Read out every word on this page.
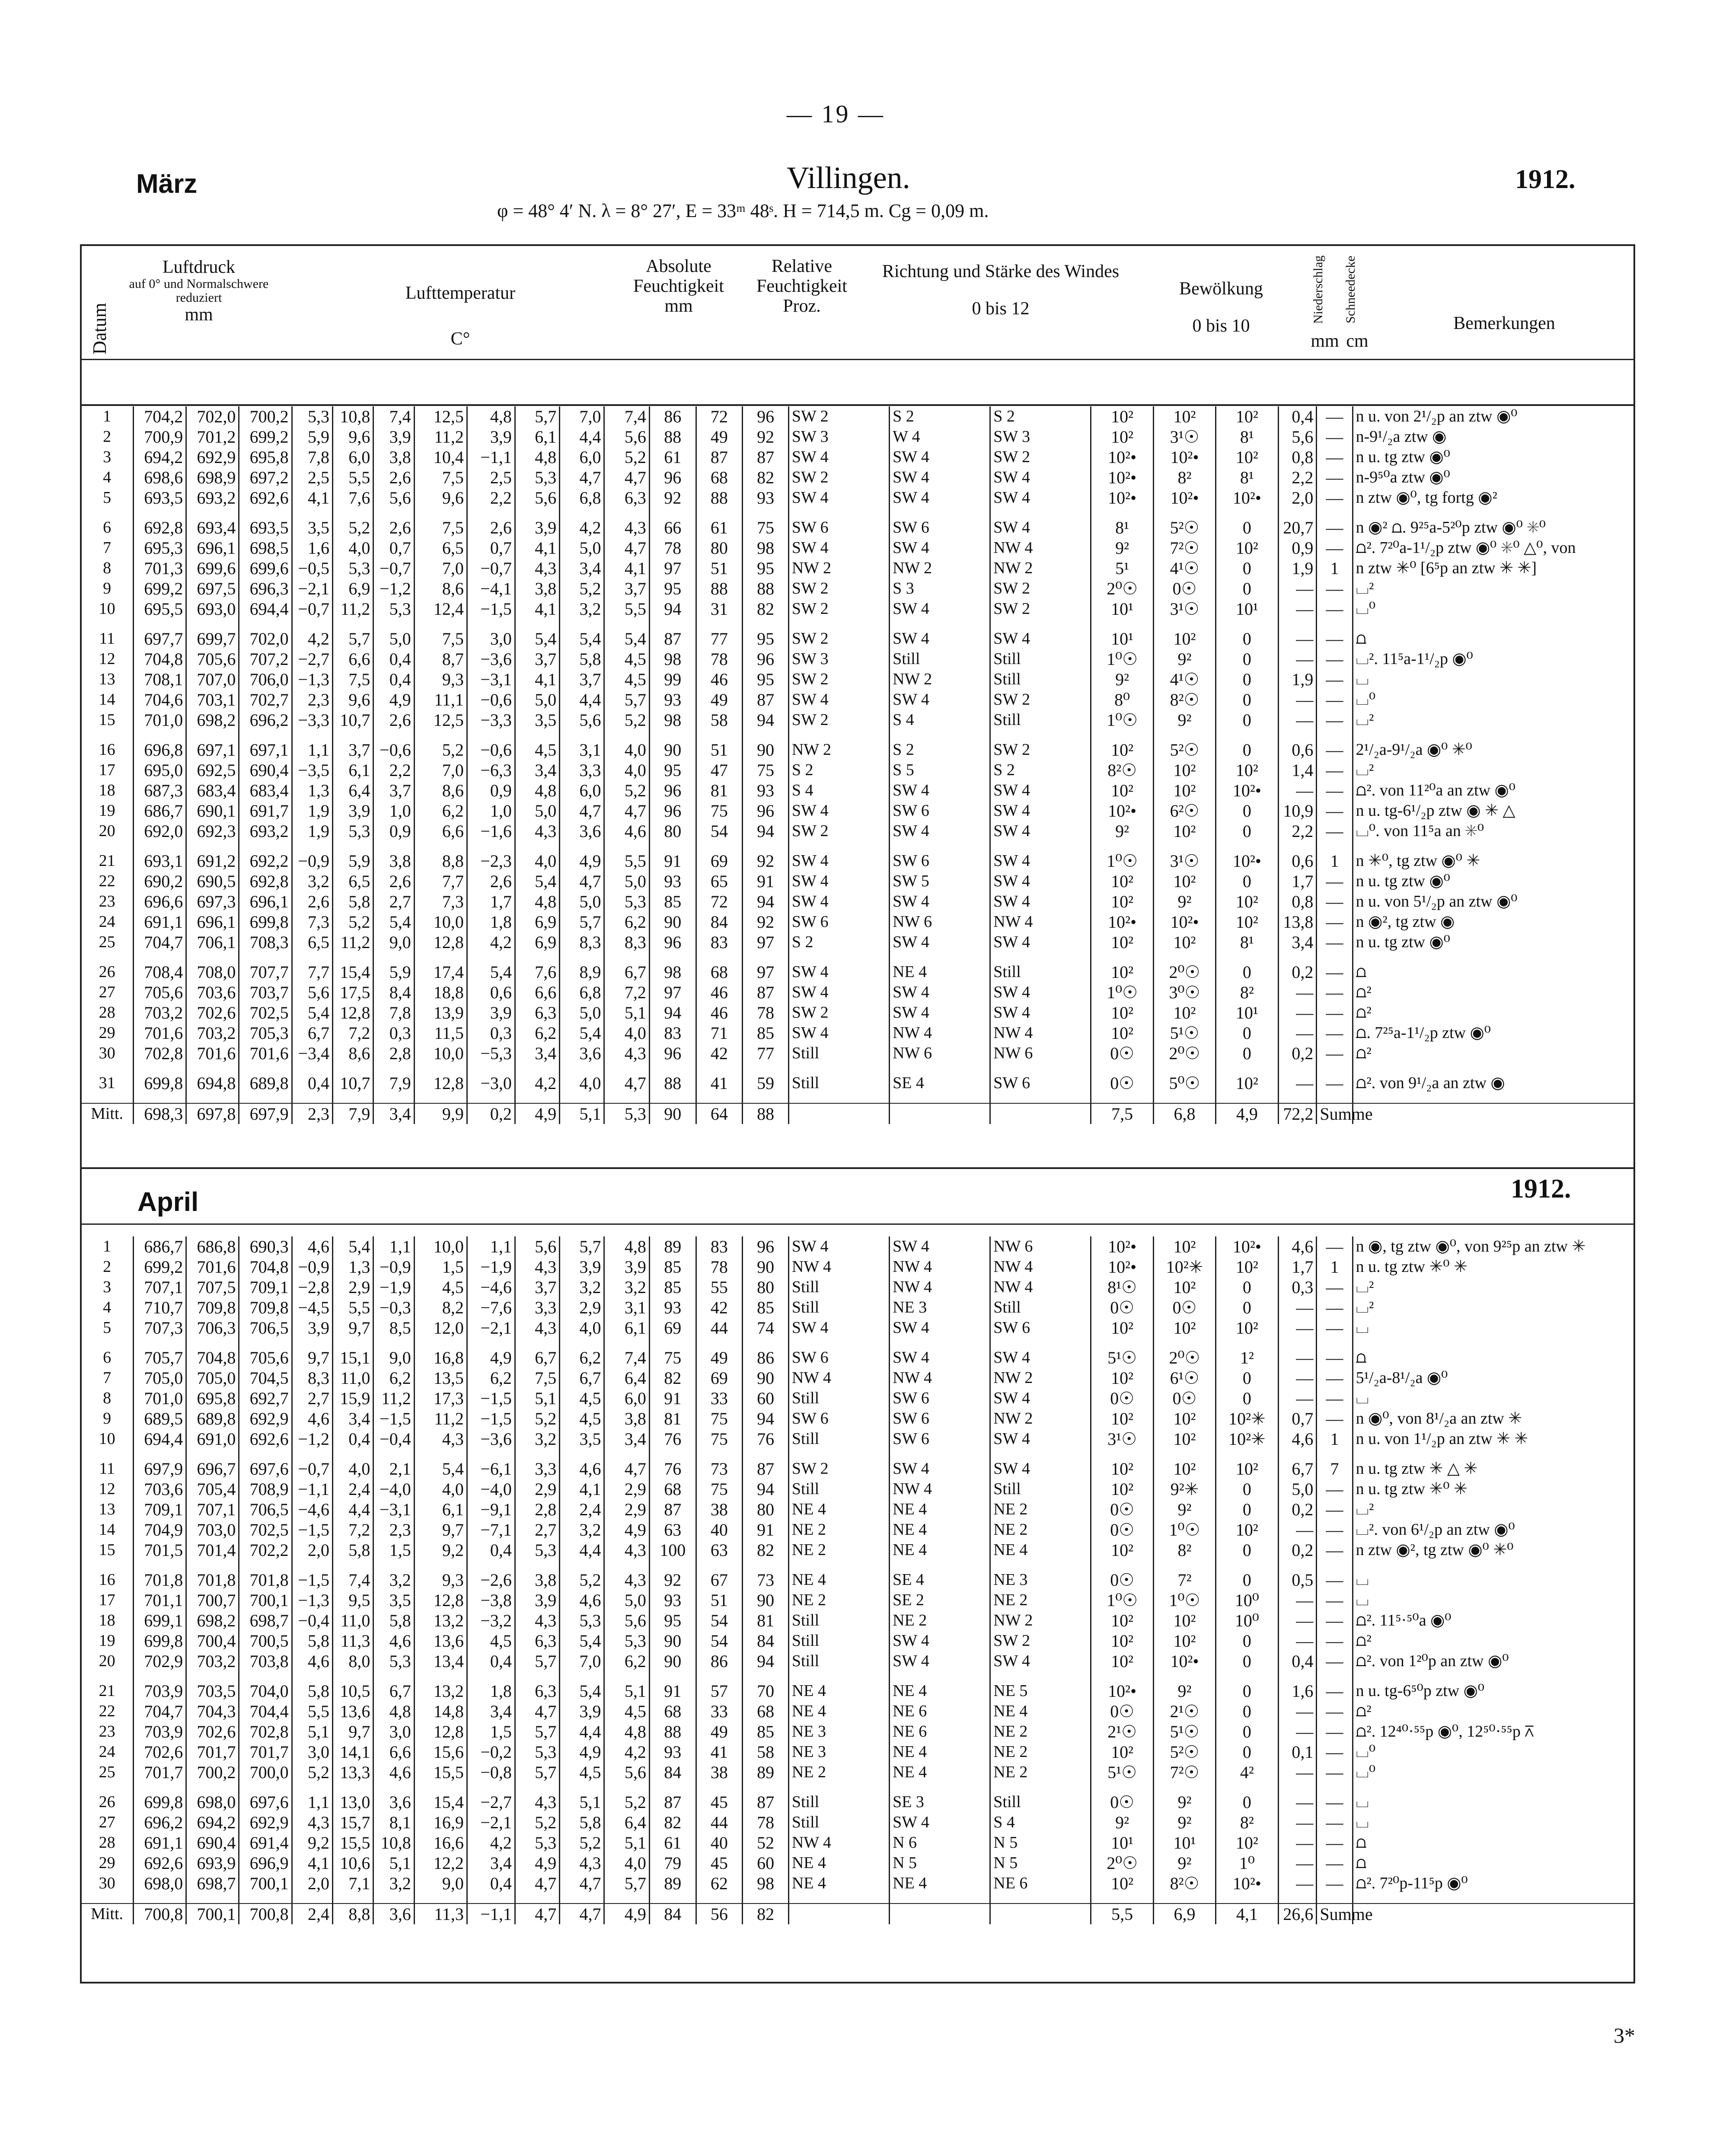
— 19 —
März	Villingen.	1912.
φ = 48° 4′ N. λ = 8° 27′, E = 33ᵐ 48ˢ. H = 714,5 m. Cg = 0,09 m.
Datum
Luftdruck
auf 0° und Normalschwere reduziert
mm
Lufttemperatur
C°
Absolute Feuchtigkeit
mm
Relative Feuchtigkeit
Proz.
Richtung und Stärke des Windes
0 bis 12
Bewölkung
0 bis 10
Niederschlag	Schneedecke
mm cm
Bemerkungen
1	704,2	702,0	700,2	5,3	10,8	7,4	12,5	4,8	5,7	7,0	7,4	86	72	96	SW 2	S 2	S 2	10²	10²	10²	0,4	—	n u. von 2¹/₂p an ztw ◉⁰
2	700,9	701,2	699,2	5,9	9,6	3,9	11,2	3,9	6,1	4,4	5,6	88	49	92	SW 3	W 4	SW 3	10²	3¹☉	8¹	5,6	—	n-9¹/₂a ztw ◉
3	694,2	692,9	695,8	7,8	6,0	3,8	10,4	−1,1	4,8	6,0	5,2	61	87	87	SW 4	SW 4	SW 2	10²•	10²•	10²	0,8	—	n u. tg ztw ◉⁰
4	698,6	698,9	697,2	2,5	5,5	2,6	7,5	2,5	5,3	4,7	4,7	96	68	82	SW 2	SW 4	SW 4	10²•	8²	8¹	2,2	—	n-9⁵⁰a ztw ◉⁰
5	693,5	693,2	692,6	4,1	7,6	5,6	9,6	2,2	5,6	6,8	6,3	92	88	93	SW 4	SW 4	SW 4	10²•	10²•	10²•	2,0	—	n ztw ◉⁰, tg fortg ◉²

6	692,8	693,4	693,5	3,5	5,2	2,6	7,5	2,6	3,9	4,2	4,3	66	61	75	SW 6	SW 6	SW 4	8¹	5²☉	0	20,7	—	n ◉² ⩍. 9²⁵a-5²⁰p ztw ◉⁰ ✳⁰
7	695,3	696,1	698,5	1,6	4,0	0,7	6,5	0,7	4,1	5,0	4,7	78	80	98	SW 4	SW 4	NW 4	9²	7²☉	10²	0,9	—	⩍². 7²⁰a-1¹/₂p ztw ◉⁰ ✳⁰ △⁰, von
8	701,3	699,6	699,6	−0,5	5,3	−0,7	7,0	−0,7	4,3	3,4	4,1	97	51	95	NW 2	NW 2	NW 2	5¹	4¹☉	0	1,9	1	n ztw ✳⁰ [6⁵p an ztw ✳ ✳]
9	699,2	697,5	696,3	−2,1	6,9	−1,2	8,6	−4,1	3,8	5,2	3,7	95	88	88	SW 2	S 3	SW 2	2⁰☉	0☉	0	—	—	⌴²
10	695,5	693,0	694,4	−0,7	11,2	5,3	12,4	−1,5	4,1	3,2	5,5	94	31	82	SW 2	SW 4	SW 2	10¹	3¹☉	10¹	—	—	⌴⁰

11	697,7	699,7	702,0	4,2	5,7	5,0	7,5	3,0	5,4	5,4	5,4	87	77	95	SW 2	SW 4	SW 4	10¹	10²	0	—	—	⩍
12	704,8	705,6	707,2	−2,7	6,6	0,4	8,7	−3,6	3,7	5,8	4,5	98	78	96	SW 3	Still	Still	1⁰☉	9²	0	—	—	⌴². 11⁵a-1¹/₂p ◉⁰
13	708,1	707,0	706,0	−1,3	7,5	0,4	9,3	−3,1	4,1	3,7	4,5	99	46	95	SW 2	NW 2	Still	9²	4¹☉	0	1,9	—	⌴
14	704,6	703,1	702,7	2,3	9,6	4,9	11,1	−0,6	5,0	4,4	5,7	93	49	87	SW 4	SW 4	SW 2	8⁰	8²☉	0	—	—	⌴⁰
15	701,0	698,2	696,2	−3,3	10,7	2,6	12,5	−3,3	3,5	5,6	5,2	98	58	94	SW 2	S 4	Still	1⁰☉	9²	0	—	—	⌴²

16	696,8	697,1	697,1	1,1	3,7	−0,6	5,2	−0,6	4,5	3,1	4,0	90	51	90	NW 2	S 2	SW 2	10²	5²☉	0	0,6	—	2¹/₂a-9¹/₂a ◉⁰ ✳⁰
17	695,0	692,5	690,4	−3,5	6,1	2,2	7,0	−6,3	3,4	3,3	4,0	95	47	75	S 2	S 5	S 2	8²☉	10²	10²	1,4	—	⌴²
18	687,3	683,4	683,4	1,3	6,4	3,7	8,6	0,9	4,8	6,0	5,2	96	81	93	S 4	SW 4	SW 4	10²	10²	10²•	—	—	⩍². von 11²⁰a an ztw ◉⁰
19	686,7	690,1	691,7	1,9	3,9	1,0	6,2	1,0	5,0	4,7	4,7	96	75	96	SW 4	SW 6	SW 4	10²•	6²☉	0	10,9	—	n u. tg-6¹/₂p ztw ◉ ✳ △
20	692,0	692,3	693,2	1,9	5,3	0,9	6,6	−1,6	4,3	3,6	4,6	80	54	94	SW 2	SW 4	SW 4	9²	10²	0	2,2	—	⌴⁰. von 11⁵a an ✳⁰

21	693,1	691,2	692,2	−0,9	5,9	3,8	8,8	−2,3	4,0	4,9	5,5	91	69	92	SW 4	SW 6	SW 4	1⁰☉	3¹☉	10²•	0,6	1	n ✳⁰, tg ztw ◉⁰ ✳
22	690,2	690,5	692,8	3,2	6,5	2,6	7,7	2,6	5,4	4,7	5,0	93	65	91	SW 4	SW 5	SW 4	10²	10²	0	1,7	—	n u. tg ztw ◉⁰
23	696,6	697,3	696,1	2,6	5,8	2,7	7,3	1,7	4,8	5,0	5,3	85	72	94	SW 4	SW 4	SW 4	10²	9²	10²	0,8	—	n u. von 5¹/₂p an ztw ◉⁰
24	691,1	696,1	699,8	7,3	5,2	5,4	10,0	1,8	6,9	5,7	6,2	90	84	92	SW 6	NW 6	NW 4	10²•	10²•	10²	13,8	—	n ◉², tg ztw ◉
25	704,7	706,1	708,3	6,5	11,2	9,0	12,8	4,2	6,9	8,3	8,3	96	83	97	S 2	SW 4	SW 4	10²	10²	8¹	3,4	—	n u. tg ztw ◉⁰

26	708,4	708,0	707,7	7,7	15,4	5,9	17,4	5,4	7,6	8,9	6,7	98	68	97	SW 4	NE 4	Still	10²	2⁰☉	0	0,2	—	⩍
27	705,6	703,6	703,7	5,6	17,5	8,4	18,8	0,6	6,6	6,8	7,2	97	46	87	SW 4	SW 4	SW 4	1⁰☉	3⁰☉	8²	—	—	⩍²
28	703,2	702,6	702,5	5,4	12,8	7,8	13,9	3,9	6,3	5,0	5,1	94	46	78	SW 2	SW 4	SW 4	10²	10²	10¹	—	—	⩍²
29	701,6	703,2	705,3	6,7	7,2	0,3	11,5	0,3	6,2	5,4	4,0	83	71	85	SW 4	NW 4	NW 4	10²	5¹☉	0	—	—	⩍. 7²⁵a-1¹/₂p ztw ◉⁰
30	702,8	701,6	701,6	−3,4	8,6	2,8	10,0	−5,3	3,4	3,6	4,3	96	42	77	Still	NW 6	NW 6	0☉	2⁰☉	0	0,2	—	⩍²

31	699,8	694,8	689,8	0,4	10,7	7,9	12,8	−3,0	4,2	4,0	4,7	88	41	59	Still	SE 4	SW 6	0☉	5⁰☉	10²	—	—	⩍². von 9¹/₂a an ztw ◉

Mitt.	698,3	697,8	697,9	2,3	7,9	3,4	9,9	0,2	4,9	5,1	5,3	90	64	88				7,5	6,8	4,9	72,2	Summe	
April	1912.
1	686,7	686,8	690,3	4,6	5,4	1,1	10,0	1,1	5,6	5,7	4,8	89	83	96	SW 4	SW 4	NW 6	10²•	10²	10²•	4,6	—	n ◉, tg ztw ◉⁰, von 9²⁵p an ztw ✳
2	699,2	701,6	704,8	−0,9	1,3	−0,9	1,5	−1,9	4,3	3,9	3,9	85	78	90	NW 4	NW 4	NW 4	10²•	10²✳	10²	1,7	1	n u. tg ztw ✳⁰ ✳
3	707,1	707,5	709,1	−2,8	2,9	−1,9	4,5	−4,6	3,7	3,2	3,2	85	55	80	Still	NW 4	NW 4	8¹☉	10²	0	0,3	—	⌴²
4	710,7	709,8	709,8	−4,5	5,5	−0,3	8,2	−7,6	3,3	2,9	3,1	93	42	85	Still	NE 3	Still	0☉	0☉	0	—	—	⌴²
5	707,3	706,3	706,5	3,9	9,7	8,5	12,0	−2,1	4,3	4,0	6,1	69	44	74	SW 4	SW 4	SW 6	10²	10²	10²	—	—	⌴

6	705,7	704,8	705,6	9,7	15,1	9,0	16,8	4,9	6,7	6,2	7,4	75	49	86	SW 6	SW 4	SW 4	5¹☉	2⁰☉	1²	—	—	⩍
7	705,0	705,0	704,5	8,3	11,0	6,2	13,5	6,2	7,5	6,7	6,4	82	69	90	NW 4	NW 4	NW 2	10²	6¹☉	0	—	—	5¹/₂a-8¹/₂a ◉⁰
8	701,0	695,8	692,7	2,7	15,9	11,2	17,3	−1,5	5,1	4,5	6,0	91	33	60	Still	SW 6	SW 4	0☉	0☉	0	—	—	⌴
9	689,5	689,8	692,9	4,6	3,4	−1,5	11,2	−1,5	5,2	4,5	3,8	81	75	94	SW 6	SW 6	NW 2	10²	10²	10²✳	0,7	—	n ◉⁰, von 8¹/₂a an ztw ✳
10	694,4	691,0	692,6	−1,2	0,4	−0,4	4,3	−3,6	3,2	3,5	3,4	76	75	76	Still	SW 6	SW 4	3¹☉	10²	10²✳	4,6	1	n u. von 1¹/₂p an ztw ✳ ✳

11	697,9	696,7	697,6	−0,7	4,0	2,1	5,4	−6,1	3,3	4,6	4,7	76	73	87	SW 2	SW 4	SW 4	10²	10²	10²	6,7	7	n u. tg ztw ✳ △ ✳
12	703,6	705,4	708,9	−1,1	2,4	−4,0	4,0	−4,0	2,9	4,1	2,9	68	75	94	Still	NW 4	Still	10²	9²✳	0	5,0	—	n u. tg ztw ✳⁰ ✳
13	709,1	707,1	706,5	−4,6	4,4	−3,1	6,1	−9,1	2,8	2,4	2,9	87	38	80	NE 4	NE 4	NE 2	0☉	9²	0	0,2	—	⌴²
14	704,9	703,0	702,5	−1,5	7,2	2,3	9,7	−7,1	2,7	3,2	4,9	63	40	91	NE 2	NE 4	NE 2	0☉	1⁰☉	10²	—	—	⌴². von 6¹/₂p an ztw ◉⁰
15	701,5	701,4	702,2	2,0	5,8	1,5	9,2	0,4	5,3	4,4	4,3	100	63	82	NE 2	NE 4	NE 4	10²	8²	0	0,2	—	n ztw ◉², tg ztw ◉⁰ ✳⁰

16	701,8	701,8	701,8	−1,5	7,4	3,2	9,3	−2,6	3,8	5,2	4,3	92	67	73	NE 4	SE 4	NE 3	0☉	7²	0	0,5	—	⌴
17	701,1	700,7	700,1	−1,3	9,5	3,5	12,8	−3,8	3,9	4,6	5,0	93	51	90	NE 2	SE 2	NE 2	1⁰☉	1⁰☉	10⁰	—	—	⌴
18	699,1	698,2	698,7	−0,4	11,0	5,8	13,2	−3,2	4,3	5,3	5,6	95	54	81	Still	NE 2	NW 2	10²	10²	10⁰	—	—	⩍². 11⁵·⁵⁰a ◉⁰
19	699,8	700,4	700,5	5,8	11,3	4,6	13,6	4,5	6,3	5,4	5,3	90	54	84	Still	SW 4	SW 2	10²	10²	0	—	—	⩍²
20	702,9	703,2	703,8	4,6	8,0	5,3	13,4	0,4	5,7	7,0	6,2	90	86	94	Still	SW 4	SW 4	10²	10²•	0	0,4	—	⩍². von 1²⁰p an ztw ◉⁰

21	703,9	703,5	704,0	5,8	10,5	6,7	13,2	1,8	6,3	5,4	5,1	91	57	70	NE 4	NE 4	NE 5	10²•	9²	0	1,6	—	n u. tg-6⁵⁰p ztw ◉⁰
22	704,7	704,3	704,4	5,5	13,6	4,8	14,8	3,4	4,7	3,9	4,5	68	33	68	NE 4	NE 6	NE 4	0☉	2¹☉	0	—	—	⩍²
23	703,9	702,6	702,8	5,1	9,7	3,0	12,8	1,5	5,7	4,4	4,8	88	49	85	NE 3	NE 6	NE 2	2¹☉	5¹☉	0	—	—	⩍². 12⁴⁰·⁵⁵p ◉⁰, 12⁵⁰·⁵⁵p ⊼
24	702,6	701,7	701,7	3,0	14,1	6,6	15,6	−0,2	5,3	4,9	4,2	93	41	58	NE 3	NE 4	NE 2	10²	5²☉	0	0,1	—	⌴⁰
25	701,7	700,2	700,0	5,2	13,3	4,6	15,5	−0,8	5,7	4,5	5,6	84	38	89	NE 2	NE 4	NE 2	5¹☉	7²☉	4²	—	—	⌴⁰

26	699,8	698,0	697,6	1,1	13,0	3,6	15,4	−2,7	4,3	5,1	5,2	87	45	87	Still	SE 3	Still	0☉	9²	0	—	—	⌴
27	696,2	694,2	692,9	4,3	15,7	8,1	16,9	−2,1	5,2	5,8	6,4	82	44	78	Still	SW 4	S 4	9²	9²	8²	—	—	⌴
28	691,1	690,4	691,4	9,2	15,5	10,8	16,6	4,2	5,3	5,2	5,1	61	40	52	NW 4	N 6	N 5	10¹	10¹	10²	—	—	⩍
29	692,6	693,9	696,9	4,1	10,6	5,1	12,2	3,4	4,9	4,3	4,0	79	45	60	NE 4	N 5	N 5	2⁰☉	9²	1⁰	—	—	⩍
30	698,0	698,7	700,1	2,0	7,1	3,2	9,0	0,4	4,7	4,7	5,7	89	62	98	NE 4	NE 4	NE 6	10²	8²☉	10²•	—	—	⩍². 7²⁰p-11⁵p ◉⁰

Mitt.	700,8	700,1	700,8	2,4	8,8	3,6	11,3	−1,1	4,7	4,7	4,9	84	56	82				5,5	6,9	4,1	26,6	Summe	
3*
